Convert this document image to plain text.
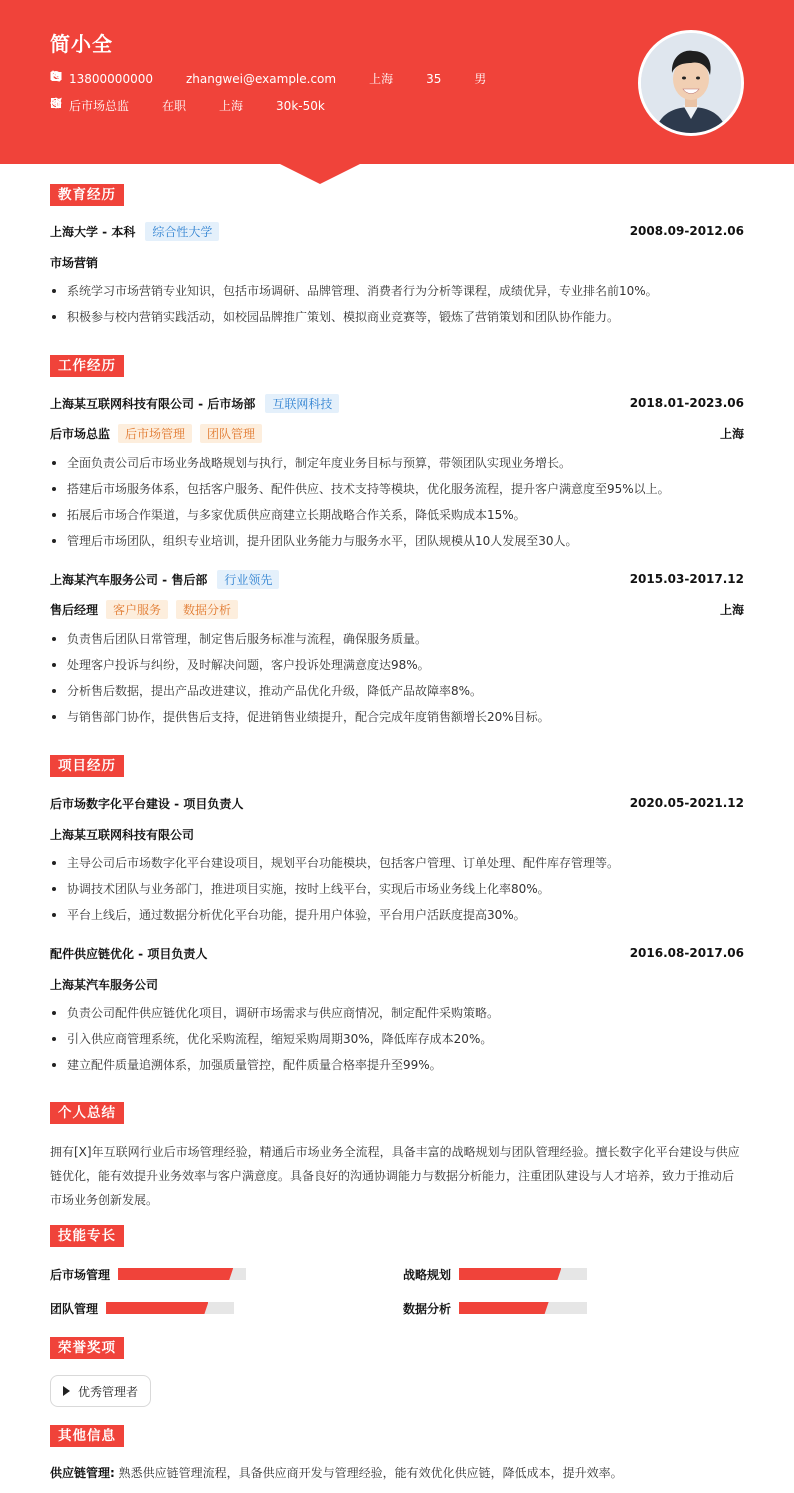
简小全
13800000000	zhangwei@example.com	上海	35	男
后市场总监	在职	上海	30k-50k
教育经历
上海大学 - 本科	综合性大学	2008.09-2012.06
市场营销
系统学习市场营销专业知识，包括市场调研、品牌管理、消费者行为分析等课程，成绩优异，专业排名前10%。
积极参与校内营销实践活动，如校园品牌推广策划、模拟商业竞赛等，锻炼了营销策划和团队协作能力。
工作经历
上海某互联网科技有限公司 - 后市场部	互联网科技	2018.01-2023.06
后市场总监	后市场管理	团队管理	上海
全面负责公司后市场业务战略规划与执行，制定年度业务目标与预算，带领团队实现业务增长。
搭建后市场服务体系，包括客户服务、配件供应、技术支持等模块，优化服务流程，提升客户满意度至95%以上。
拓展后市场合作渠道，与多家优质供应商建立长期战略合作关系，降低采购成本15%。
管理后市场团队，组织专业培训，提升团队业务能力与服务水平，团队规模从10人发展至30人。
上海某汽车服务公司 - 售后部	行业领先	2015.03-2017.12
售后经理	客户服务	数据分析	上海
负责售后团队日常管理，制定售后服务标准与流程，确保服务质量。
处理客户投诉与纠纷，及时解决问题，客户投诉处理满意度达98%。
分析售后数据，提出产品改进建议，推动产品优化升级，降低产品故障率8%。
与销售部门协作，提供售后支持，促进销售业绩提升，配合完成年度销售额增长20%目标。
项目经历
后市场数字化平台建设 - 项目负责人	2020.05-2021.12
上海某互联网科技有限公司
主导公司后市场数字化平台建设项目，规划平台功能模块，包括客户管理、订单处理、配件库存管理等。
协调技术团队与业务部门，推进项目实施，按时上线平台，实现后市场业务线上化率80%。
平台上线后，通过数据分析优化平台功能，提升用户体验，平台用户活跃度提高30%。
配件供应链优化 - 项目负责人	2016.08-2017.06
上海某汽车服务公司
负责公司配件供应链优化项目，调研市场需求与供应商情况，制定配件采购策略。
引入供应商管理系统，优化采购流程，缩短采购周期30%，降低库存成本20%。
建立配件质量追溯体系，加强质量管控，配件质量合格率提升至99%。
个人总结
拥有[X]年互联网行业后市场管理经验，精通后市场业务全流程，具备丰富的战略规划与团队管理经验。擅长数字化平台建设与供应链优化，能有效提升业务效率与客户满意度。具备良好的沟通协调能力与数据分析能力，注重团队建设与人才培养，致力于推动后市场业务创新发展。
技能专长
后市场管理	战略规划
团队管理	数据分析
荣誉奖项
优秀管理者
其他信息
供应链管理: 熟悉供应链管理流程，具备供应商开发与管理经验，能有效优化供应链，降低成本，提升效率。
